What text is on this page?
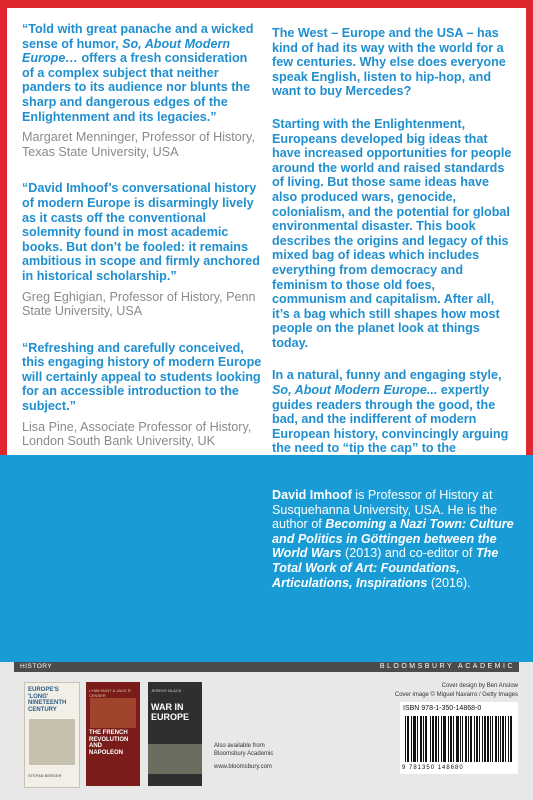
“Told with great panache and a wicked sense of humor, So, About Modern Europe… offers a fresh consideration of a complex subject that neither panders to its audience nor blunts the sharp and dangerous edges of the Enlightenment and its legacies.”

Margaret Menninger, Professor of History, Texas State University, USA

“David Imhoof’s conversational history of modern Europe is disarmingly lively as it casts off the conventional solemnity found in most academic books. But don’t be fooled: it remains ambitious in scope and firmly anchored in historical scholarship.”

Greg Eghigian, Professor of History, Penn State University, USA

“Refreshing and carefully conceived, this engaging history of modern Europe will certainly appeal to students looking for an accessible introduction to the subject.”

Lisa Pine, Associate Professor of History, London South Bank University, UK

The West – Europe and the USA – has kind of had its way with the world for a few centuries. Why else does everyone speak English, listen to hip-hop, and want to buy Mercedes?

Starting with the Enlightenment, Europeans developed big ideas that have increased opportunities for people around the world and raised standards of living. But those same ideas have also produced wars, genocide, colonialism, and the potential for global environmental disaster. This book describes the origins and legacy of this mixed bag of ideas which includes everything from democracy and feminism to those old foes, communism and capitalism. After all, it’s a bag which still shapes how most people on the planet look at things today.

In a natural, funny and engaging style, So, About Modern Europe... expertly guides readers through the good, the bad, and the indifferent of modern European history, convincingly arguing the need to “tip the cap” to the

David Imhoof is Professor of History at Susquehanna University, USA. He is the author of Becoming a Nazi Town: Culture and Politics in Göttingen between the World Wars (2013) and co-editor of The Total Work of Art: Foundations, Articulations, Inspirations (2016).
HISTORY	BLOOMSBURY ACADEMIC
EUROPE'S 'LONG' NINETEENTH CENTURY
STEFAN BERGER
LYNN HUNT & JACK R. CENSER
THE FRENCH REVOLUTION AND NAPOLEON
JEREMY BLACK
WAR IN EUROPE
Also available from Bloomsbury Academic
www.bloomsbury.com
Cover design by Ben Anslow
Cover image © Miguel Navarro / Getty Images
ISBN 978-1-350-14868-0
9 781350 148680
